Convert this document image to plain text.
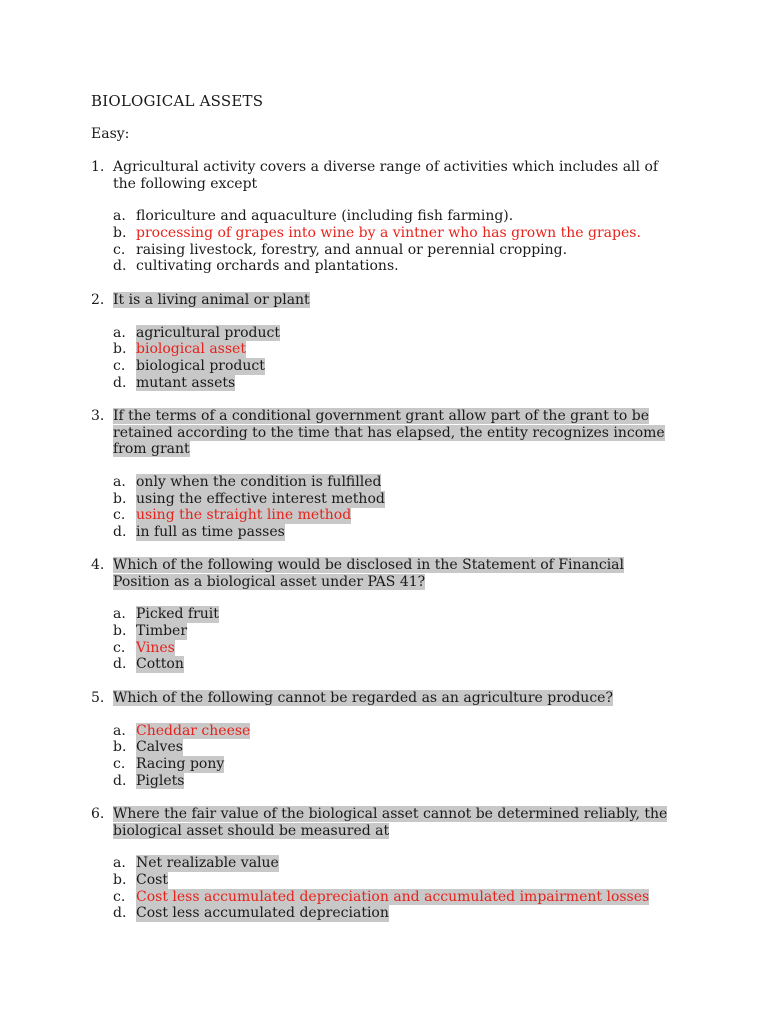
BIOLOGICAL ASSETS
Easy:
1. Agricultural activity covers a diverse range of activities which includes all of the following except
a. floriculture and aquaculture (including fish farming).
b. processing of grapes into wine by a vintner who has grown the grapes.
c. raising livestock, forestry, and annual or perennial cropping.
d. cultivating orchards and plantations.
2. It is a living animal or plant
a. agricultural product
b. biological asset
c. biological product
d. mutant assets
3. If the terms of a conditional government grant allow part of the grant to be retained according to the time that has elapsed, the entity recognizes income from grant
a. only when the condition is fulfilled
b. using the effective interest method
c. using the straight line method
d. in full as time passes
4. Which of the following would be disclosed in the Statement of Financial Position as a biological asset under PAS 41?
a. Picked fruit
b. Timber
c. Vines
d. Cotton
5. Which of the following cannot be regarded as an agriculture produce?
a. Cheddar cheese
b. Calves
c. Racing pony
d. Piglets
6. Where the fair value of the biological asset cannot be determined reliably, the biological asset should be measured at
a. Net realizable value
b. Cost
c. Cost less accumulated depreciation and accumulated impairment losses
d. Cost less accumulated depreciation
